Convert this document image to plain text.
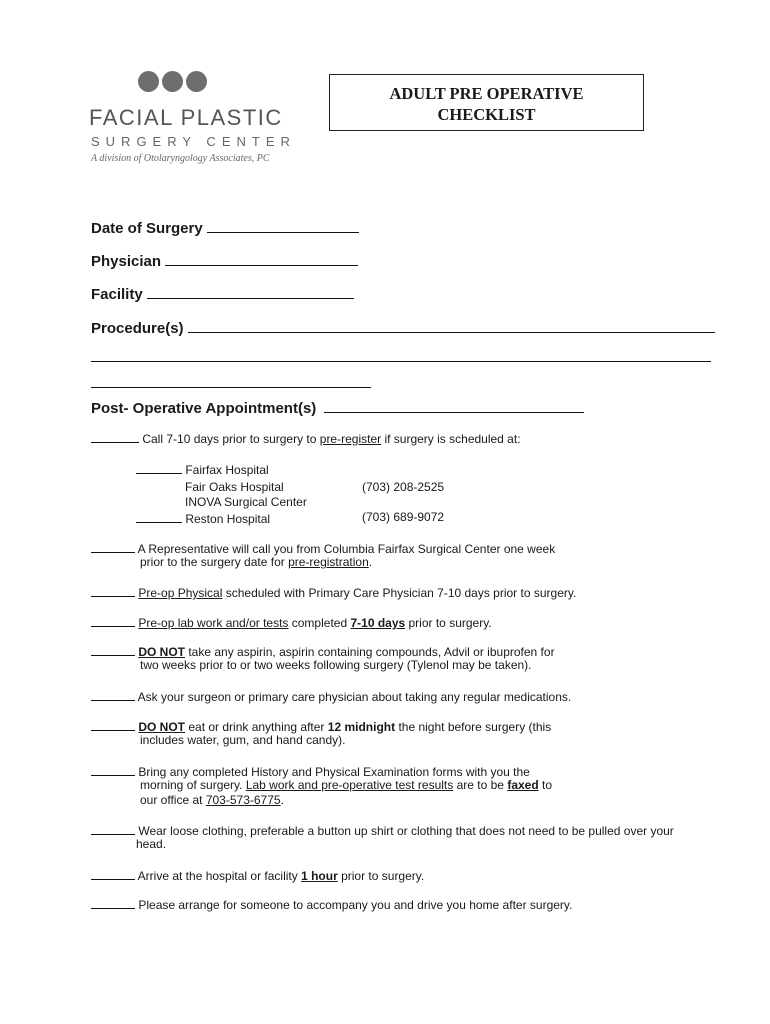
FACIAL PLASTIC
SURGERY CENTER
A division of Otolaryngology Associates, PC
ADULT PRE OPERATIVE
CHECKLIST
Date of Surgery
Physician
Facility
Procedure(s)
Post- Operative Appointment(s)
Call 7-10 days prior to surgery to pre-register if surgery is scheduled at:
Fairfax Hospital
Fair Oaks Hospital	(703) 208-2525
INOVA Surgical Center
Reston Hospital	(703) 689-9072
A Representative will call you from Columbia Fairfax Surgical Center one week
prior to the surgery date for pre-registration.
Pre-op Physical scheduled with Primary Care Physician 7-10 days prior to surgery.
Pre-op lab work and/or tests completed 7-10 days prior to surgery.
DO NOT take any aspirin, aspirin containing compounds, Advil or ibuprofen for
two weeks prior to or two weeks following surgery (Tylenol may be taken).
Ask your surgeon or primary care physician about taking any regular medications.
DO NOT eat or drink anything after 12 midnight the night before surgery (this
includes water, gum, and hand candy).
Bring any completed History and Physical Examination forms with you the
morning of surgery. Lab work and pre-operative test results are to be faxed to
our office at 703-573-6775.
Wear loose clothing, preferable a button up shirt or clothing that does not need to be pulled over your
head.
Arrive at the hospital or facility 1 hour prior to surgery.
Please arrange for someone to accompany you and drive you home after surgery.
